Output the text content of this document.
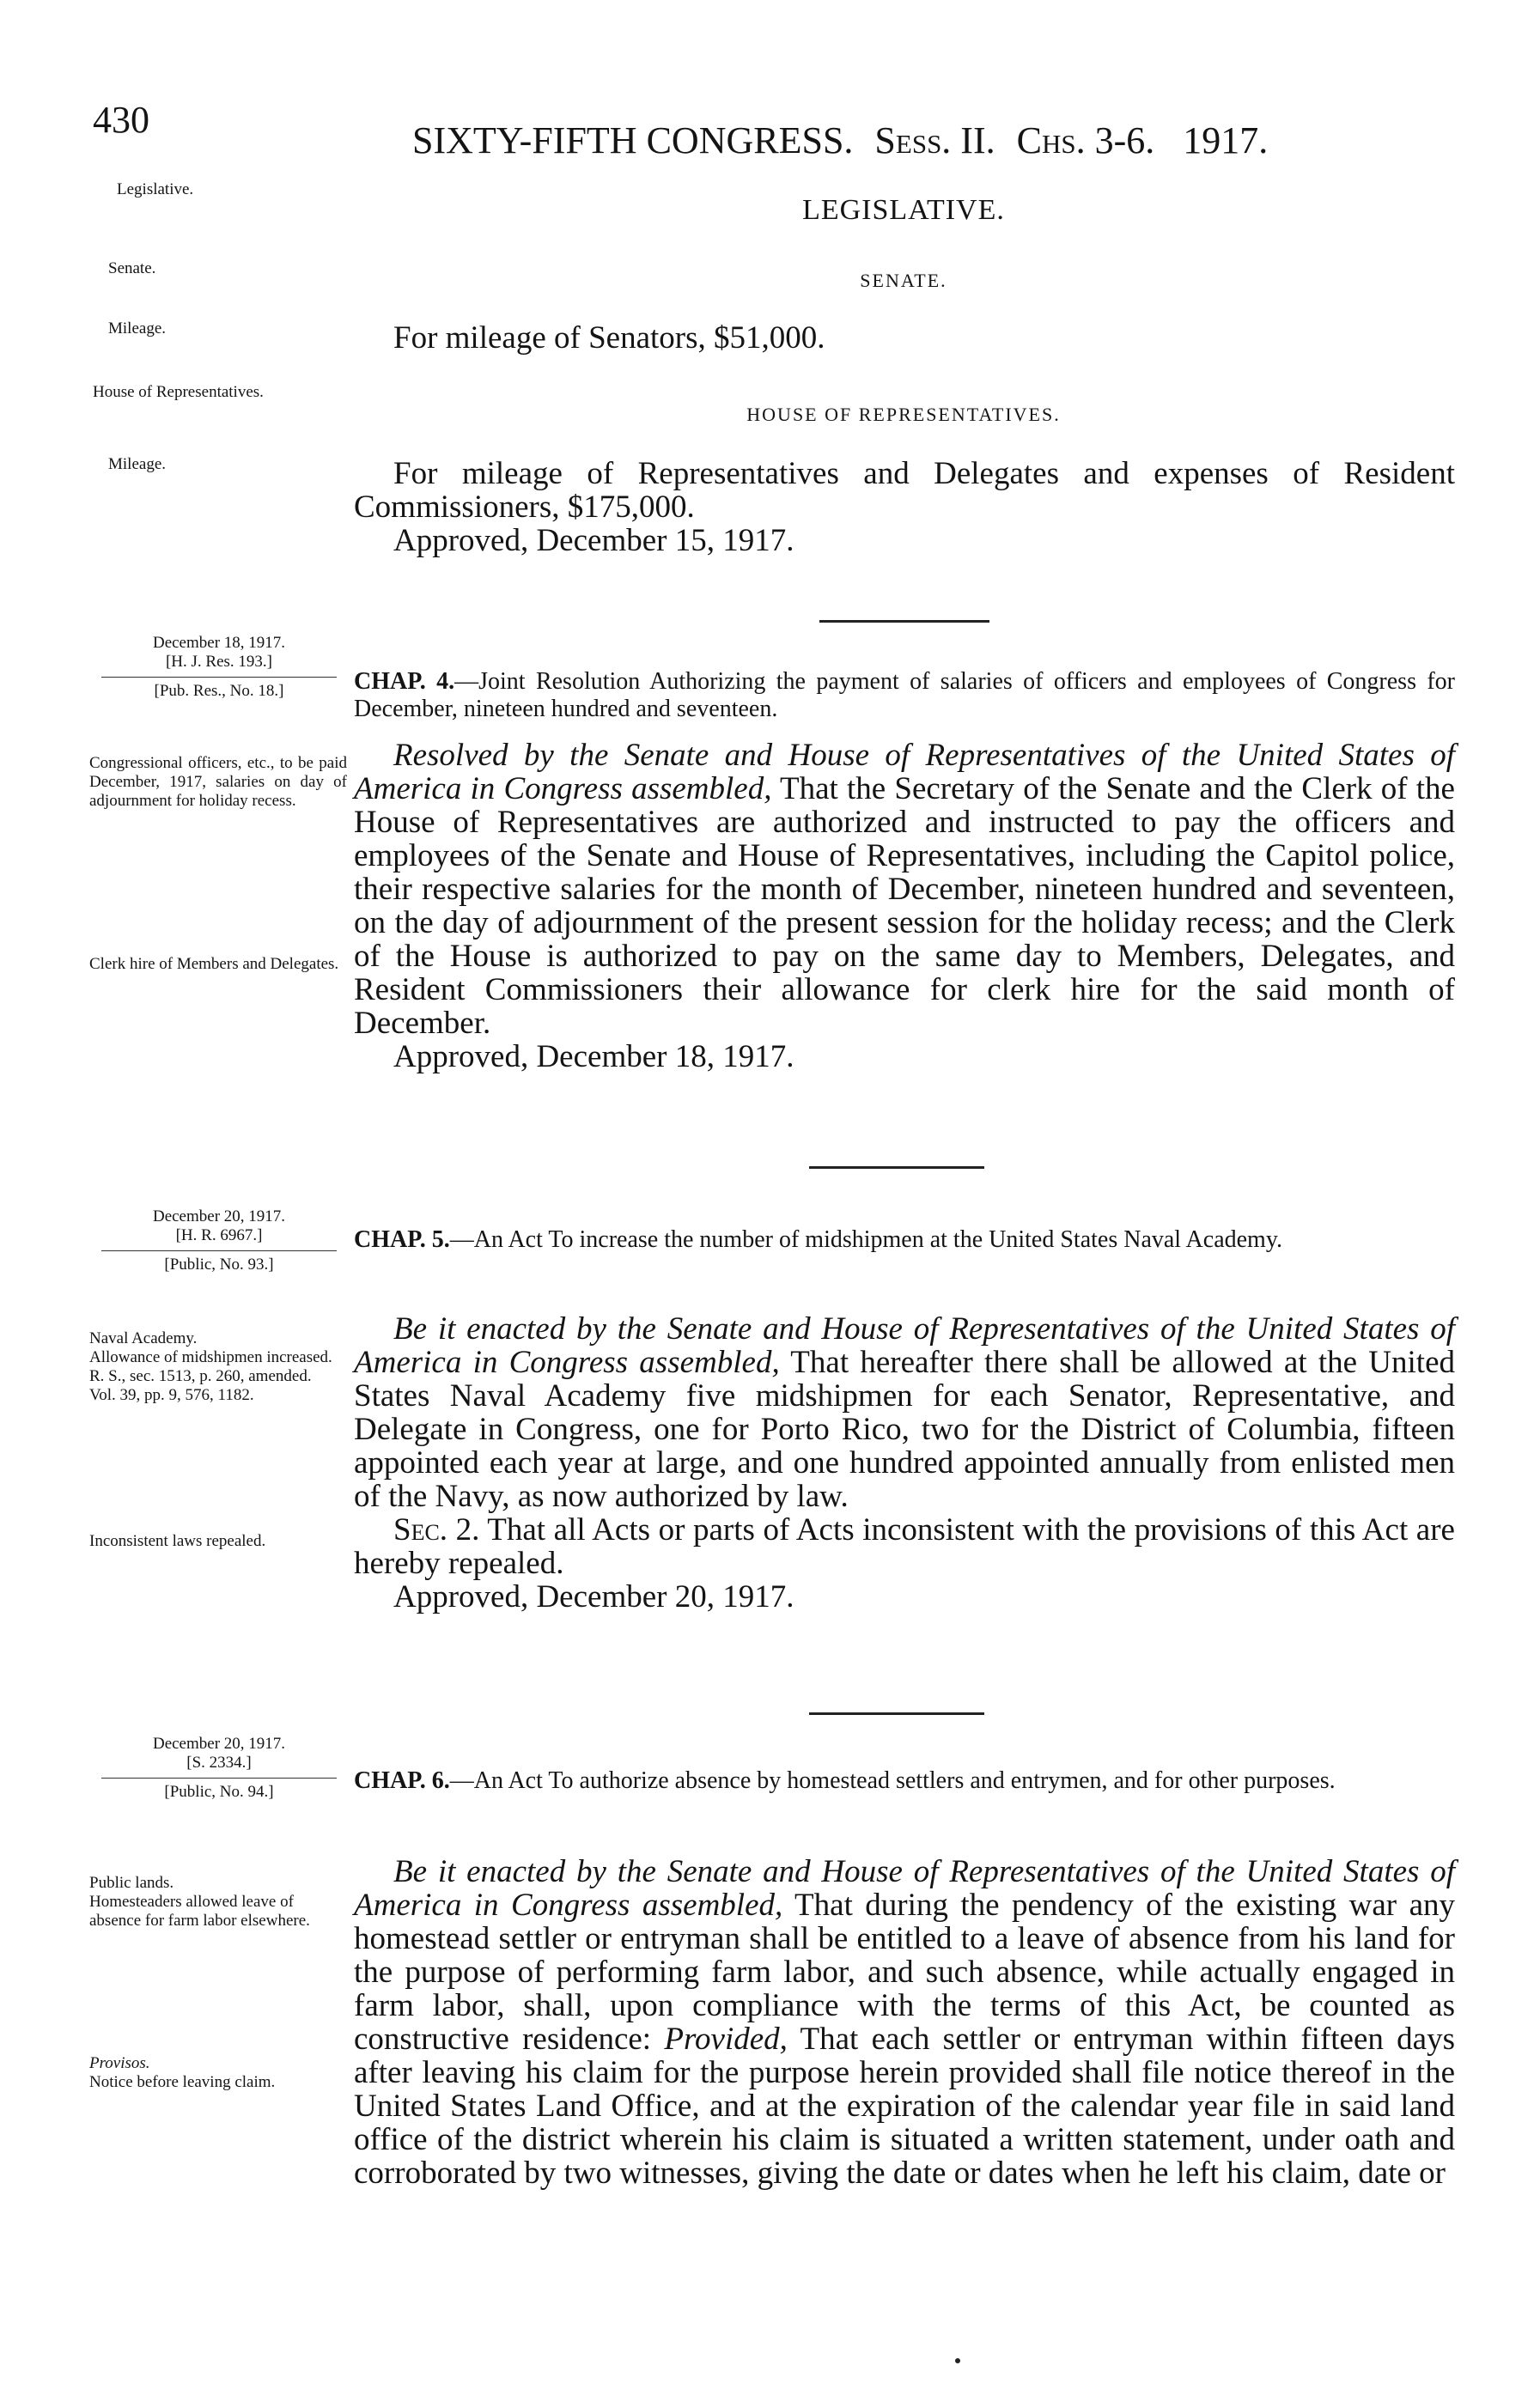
430	SIXTY-FIFTH CONGRESS. Sess. II. Chs. 3-6. 1917.
Legislative.
LEGISLATIVE.
Senate.
SENATE.
Mileage.	For mileage of Senators, $51,000.
House of Representatives.
HOUSE OF REPRESENTATIVES.
Mileage.	For mileage of Representatives and Delegates and expenses of Resident Commissioners, $175,000.

Approved, December 15, 1917.

December 18, 1917.
[H. J. Res. 193.]
[Pub. Res., No. 18.]	CHAP. 4.—Joint Resolution Authorizing the payment of salaries of officers and employees of Congress for December, nineteen hundred and seventeen.
Congressional officers, etc., to be paid December, 1917, salaries on day of adjournment for holiday recess.
Clerk hire of Members and Delegates.

Resolved by the Senate and House of Representatives of the United States of America in Congress assembled, That the Secretary of the Senate and the Clerk of the House of Representatives are authorized and instructed to pay the officers and employees of the Senate and House of Representatives, including the Capitol police, their respective salaries for the month of December, nineteen hundred and seventeen, on the day of adjournment of the present session for the holiday recess; and the Clerk of the House is authorized to pay on the same day to Members, Delegates, and Resident Commissioners their allowance for clerk hire for the said month of December.

Approved, December 18, 1917.

December 20, 1917.
[H. R. 6967.]
[Public, No. 93.]
CHAP. 5.—An Act To increase the number of midshipmen at the United States Naval Academy.
Naval Academy.
Allowance of midshipmen increased.
R. S., sec. 1513, p. 260, amended.
Vol. 39, pp. 9, 576, 1182.
Inconsistent laws repealed.

Be it enacted by the Senate and House of Representatives of the United States of America in Congress assembled, That hereafter there shall be allowed at the United States Naval Academy five midshipmen for each Senator, Representative, and Delegate in Congress, one for Porto Rico, two for the District of Columbia, fifteen appointed each year at large, and one hundred appointed annually from enlisted men of the Navy, as now authorized by law.

Sec. 2. That all Acts or parts of Acts inconsistent with the provisions of this Act are hereby repealed.

Approved, December 20, 1917.

December 20, 1917.
[S. 2334.]
[Public, No. 94.]	CHAP. 6.—An Act To authorize absence by homestead settlers and entrymen, and for other purposes.
Public lands.
Homesteaders allowed leave of absence for farm labor elsewhere.
Provisos.
Notice before leaving claim.

Be it enacted by the Senate and House of Representatives of the United States of America in Congress assembled, That during the pendency of the existing war any homestead settler or entryman shall be entitled to a leave of absence from his land for the purpose of performing farm labor, and such absence, while actually engaged in farm labor, shall, upon compliance with the terms of this Act, be counted as constructive residence: Provided, That each settler or entryman within fifteen days after leaving his claim for the purpose herein provided shall file notice thereof in the United States Land Office, and at the expiration of the calendar year file in said land office of the district wherein his claim is situated a written statement, under oath and corroborated by two witnesses, giving the date or dates when he left his claim, date or
